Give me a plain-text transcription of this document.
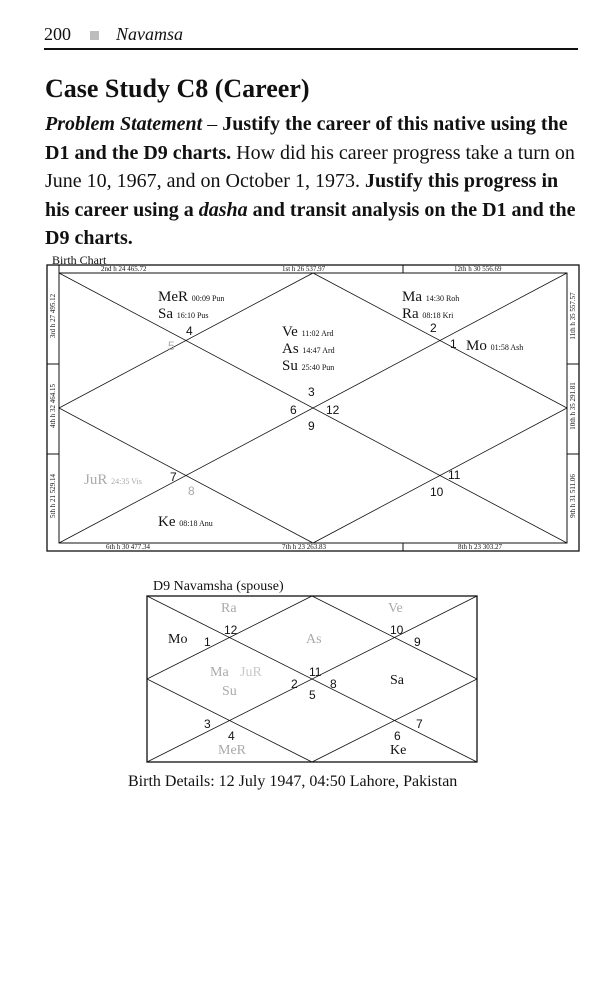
200	Navamsa
Case Study C8 (Career)
Problem Statement – Justify the career of this native using the D1 and the D9 charts. How did his career progress take a turn on June 10, 1967, and on October 1, 1973. Justify this progress in his career using a dasha and transit analysis on the D1 and the D9 charts.
Birth Chart
2nd h 24 465.72	1st h 26 537.97	12th h 30 556.69
6th h 30 477.34	7th h 23 263.83	8th h 23 303.27
3rd h 27 495.12
4th h 32 464.15
5th h 21 529.14
11th h 35 557.57
10th h 35 291.81
9th h 31 511.06
MeR 00:09 Pun
Sa 16:10 Pus
Ma 14:30 Roh
Ra 08:18 Kri
Ve 11:02 Ard
As 14:47 Ard
Su 25:40 Pun
Mo 01:58 Ash
JuR 24:35 Vis
Ke 08:18 Anu
3
6 12
9
4
5
2
1
7
8
11
10
D9 Navamsha (spouse)
Ra	Ve
Mo	As
Ma JuR
Su
Sa
MeR	Ke
12
1
10
9
11
2	8
5
3
4
7
6
Birth Details: 12 July 1947, 04:50 Lahore, Pakistan
